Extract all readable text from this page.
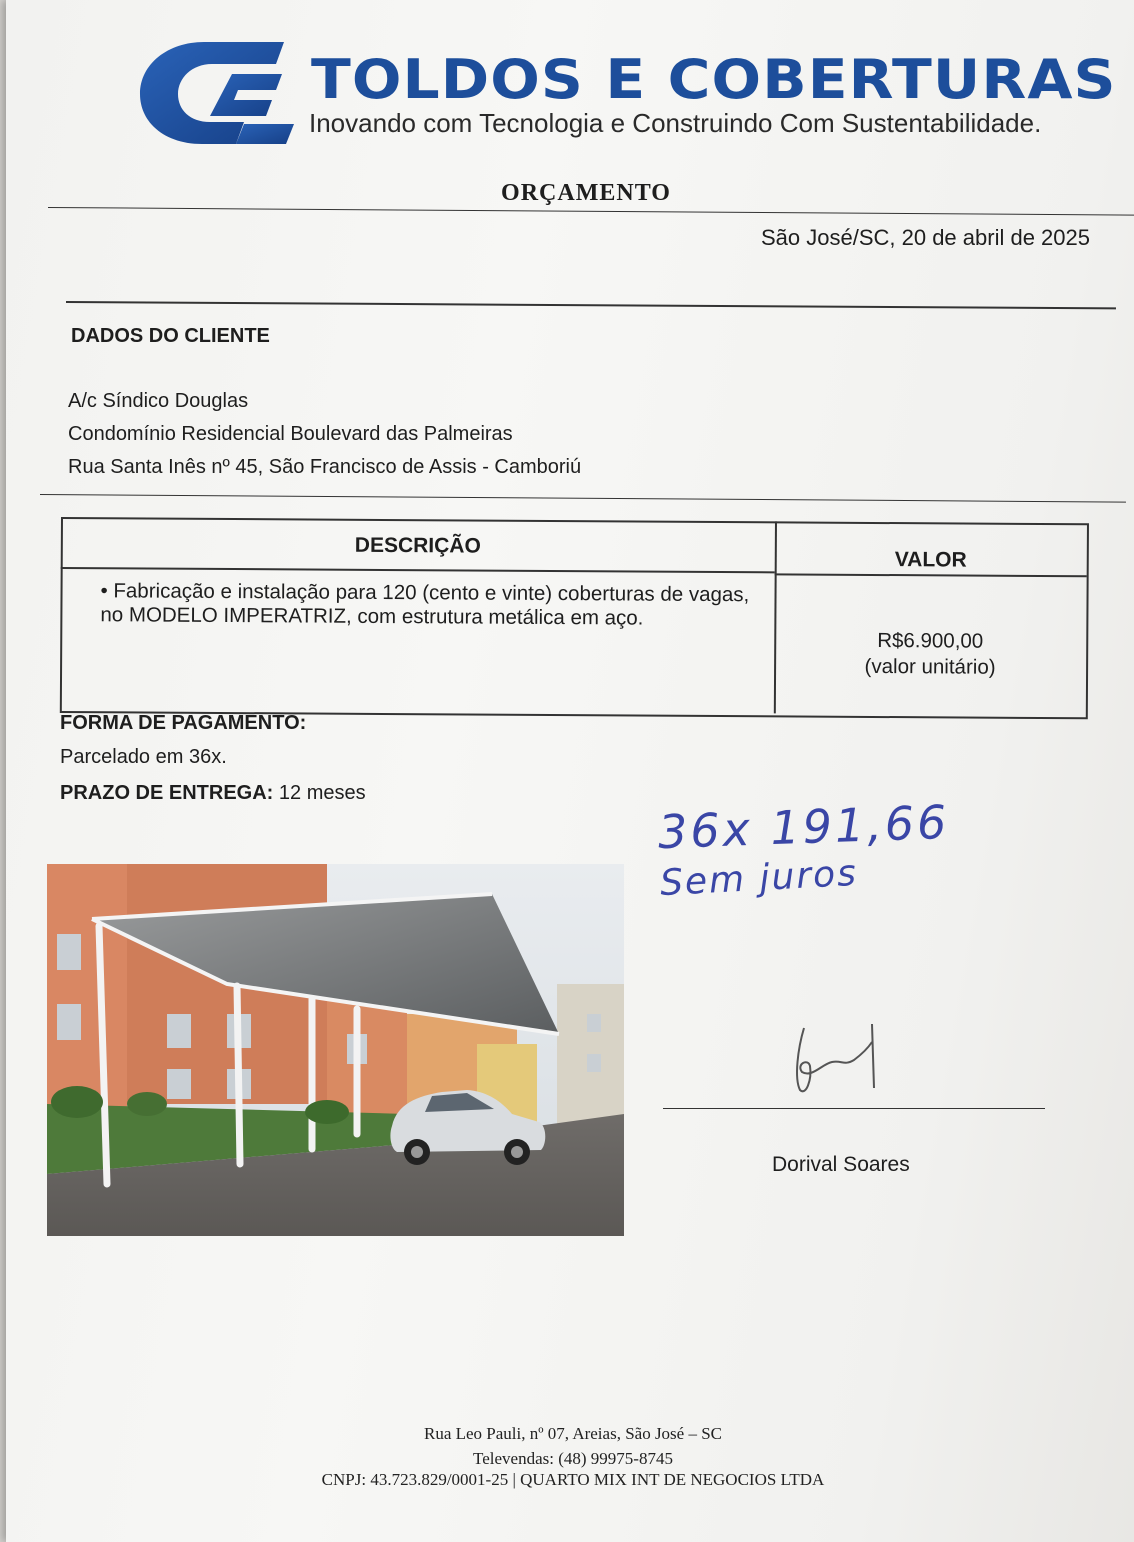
TOLDOS E COBERTURAS
Inovando com Tecnologia e Construindo Com Sustentabilidade.
ORÇAMENTO
São José/SC, 20 de abril de 2025
DADOS DO CLIENTE
A/c Síndico Douglas
Condomínio Residencial Boulevard das Palmeiras
Rua Santa Inês nº 45, São Francisco de Assis - Camboriú
DESCRIÇÃO
VALOR
• Fabricação e instalação para 120 (cento e vinte) coberturas de vagas, no MODELO IMPERATRIZ, com estrutura metálica em aço.
R$6.900,00
(valor unitário)
FORMA DE PAGAMENTO:
Parcelado em 36x.
PRAZO DE ENTREGA: 12 meses
36x 191,66
Sem juros
Dorival Soares
Rua Leo Pauli, nº 07, Areias, São José – SC
Televendas: (48) 99975-8745
CNPJ: 43.723.829/0001-25 | QUARTO MIX INT DE NEGOCIOS LTDA
